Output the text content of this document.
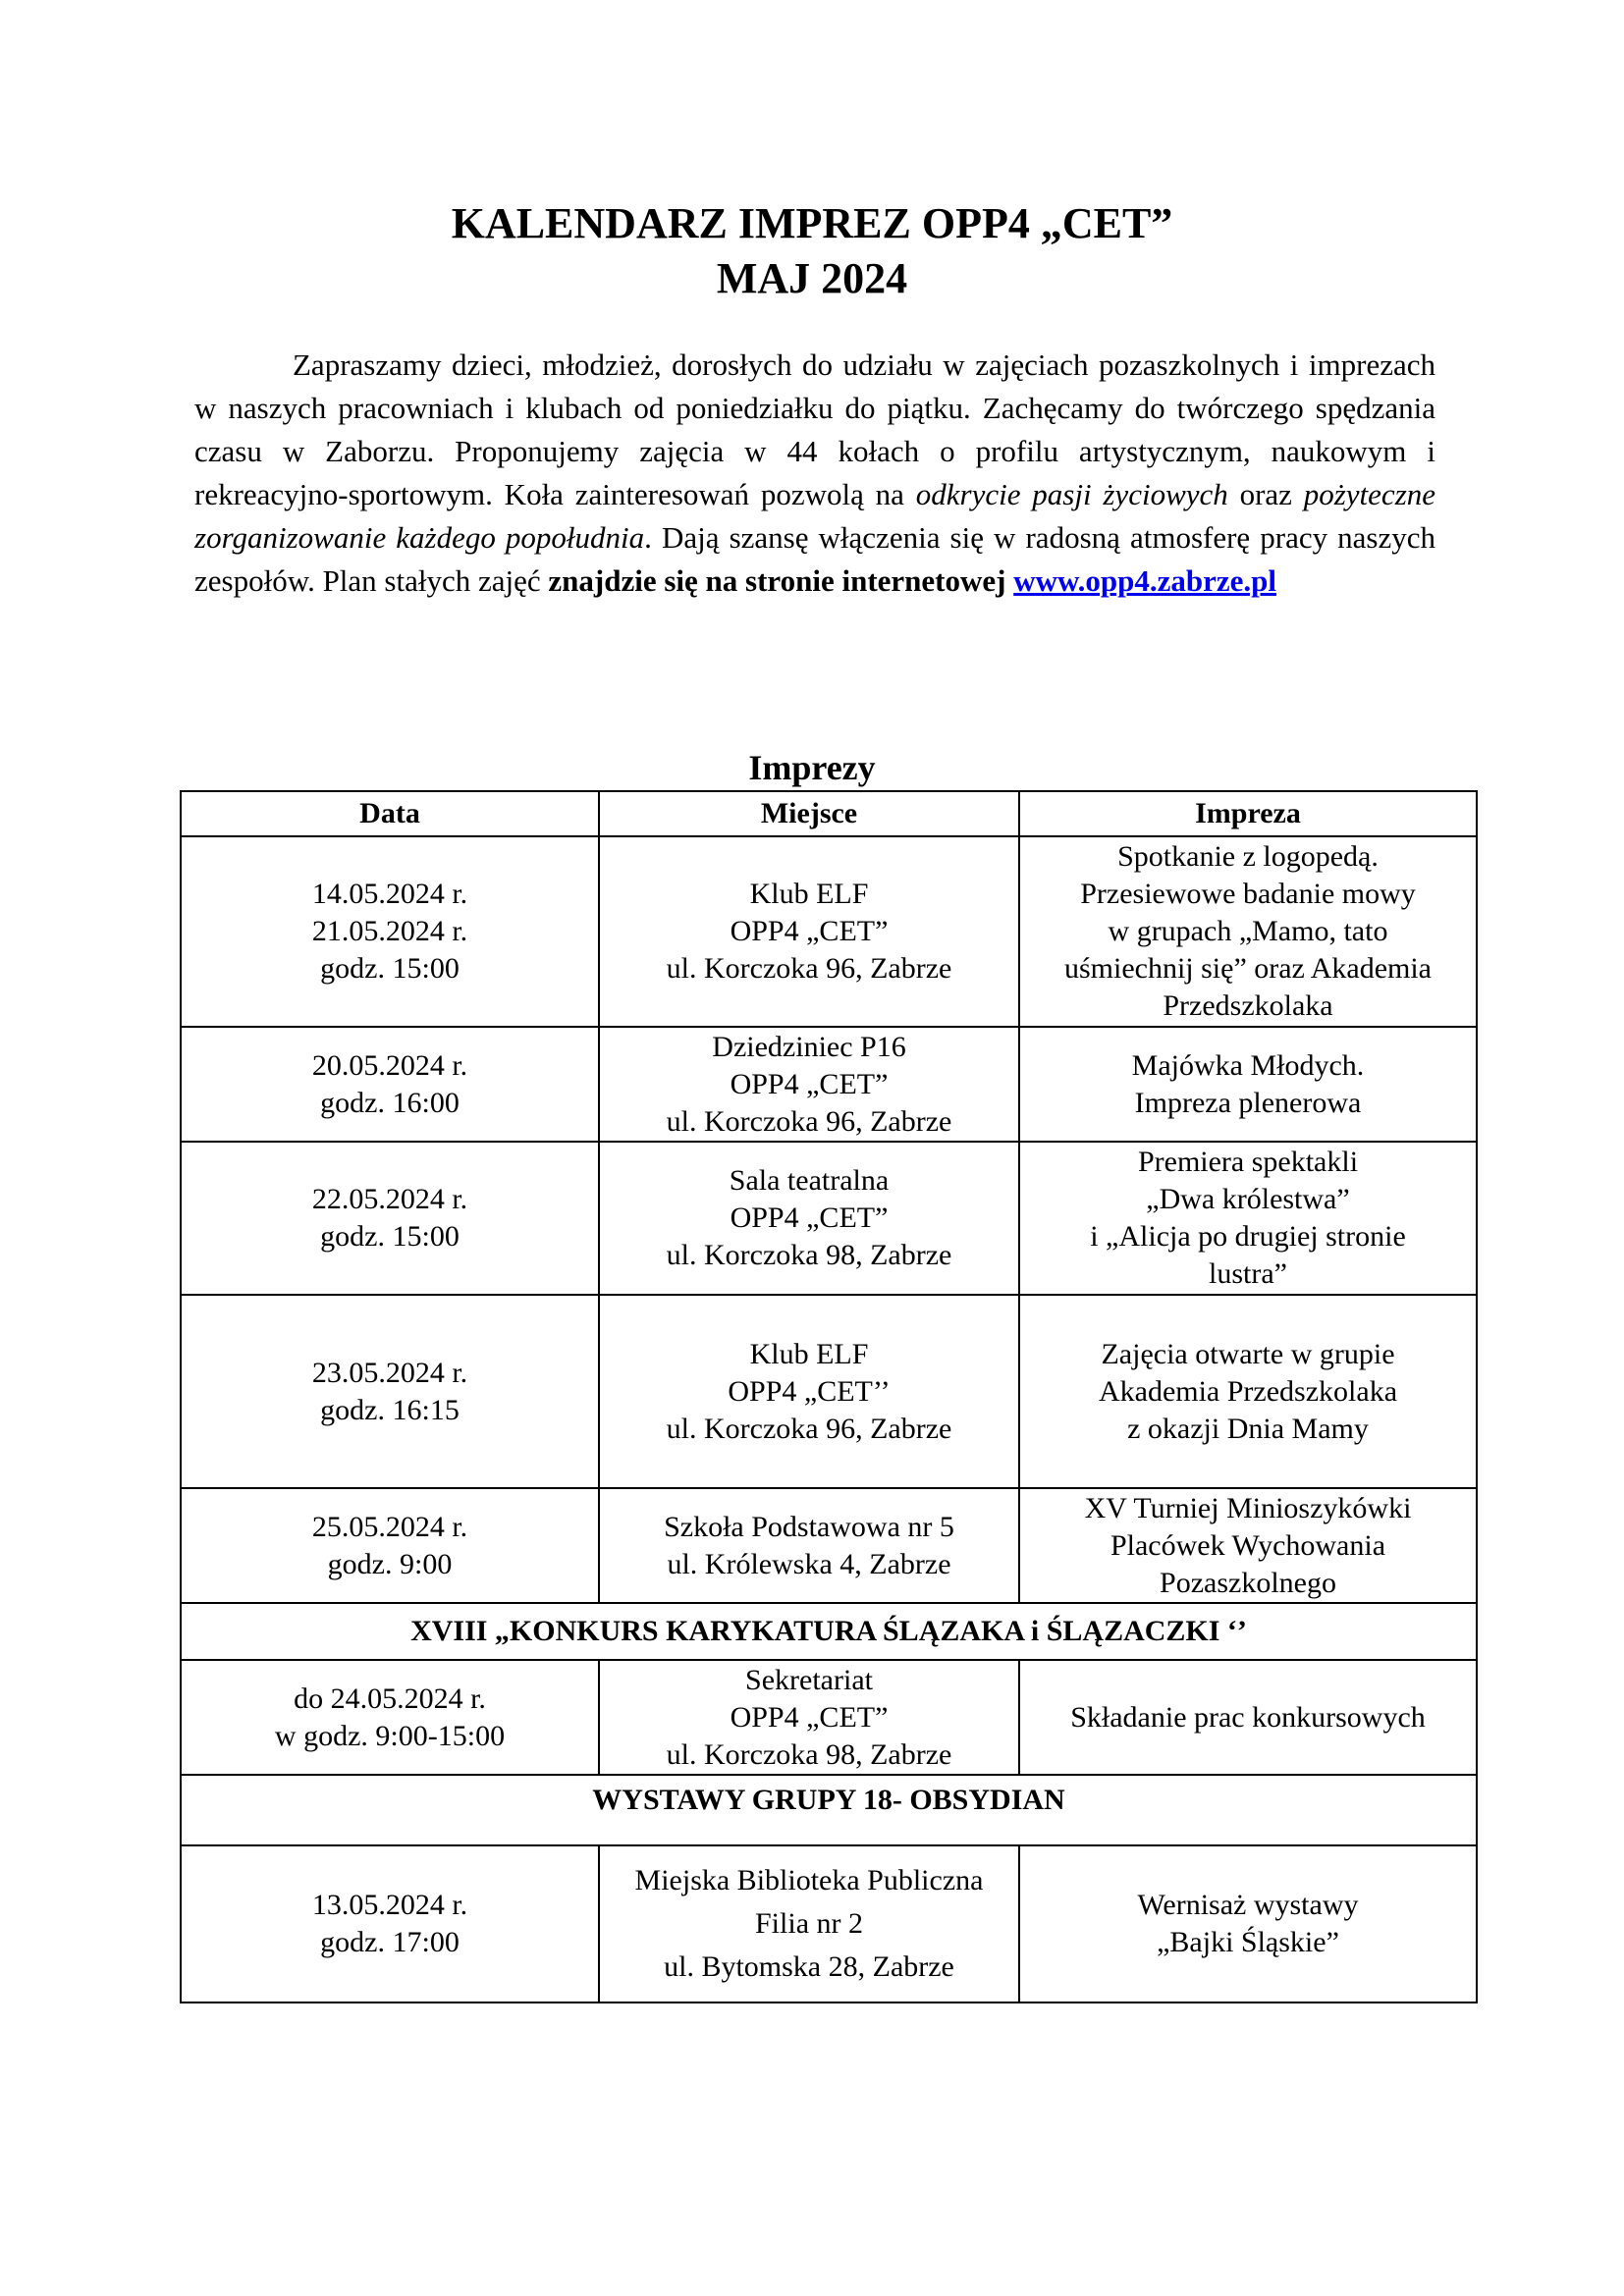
KALENDARZ IMPREZ OPP4 „CET”
MAJ 2024
Zapraszamy dzieci, młodzież, dorosłych do udziału w zajęciach pozaszkolnych i imprezach w naszych pracowniach i klubach od poniedziałku do piątku. Zachęcamy do twórczego spędzania czasu w Zaborzu. Proponujemy zajęcia w 44 kołach o profilu artystycznym, naukowym i rekreacyjno-sportowym. Koła zainteresowań pozwolą na odkrycie pasji życiowych oraz pożyteczne zorganizowanie każdego popołudnia. Dają szansę włączenia się w radosną atmosferę pracy naszych zespołów. Plan stałych zajęć znajdzie się na stronie internetowej www.opp4.zabrze.pl
Imprezy
Data	Miejsce	Impreza

14.05.2024 r.
21.05.2024 r.
godz. 15:00	Klub ELF
OPP4 „CET”
ul. Korczoka 96, Zabrze	Spotkanie z logopedą.
Przesiewowe badanie mowy
w grupach „Mamo, tato
uśmiechnij się” oraz Akademia
Przedszkolaka

20.05.2024 r.
godz. 16:00	Dziedziniec P16
OPP4 „CET”
ul. Korczoka 96, Zabrze	Majówka Młodych.
Impreza plenerowa

22.05.2024 r.
godz. 15:00	Sala teatralna
OPP4 „CET”
ul. Korczoka 98, Zabrze	Premiera spektakli
„Dwa królestwa”
i „Alicja po drugiej stronie
lustra”

23.05.2024 r.
godz. 16:15	Klub ELF
OPP4 „CET’’
ul. Korczoka 96, Zabrze	Zajęcia otwarte w grupie
Akademia Przedszkolaka
z okazji Dnia Mamy

25.05.2024 r.
godz. 9:00	Szkoła Podstawowa nr 5
ul. Królewska 4, Zabrze	XV Turniej Minioszykówki
Placówek Wychowania
Pozaszkolnego

XVIII „KONKURS KARYKATURA ŚLĄZAKA i ŚLĄZACZKI ‘’		

do 24.05.2024 r.
w godz. 9:00-15:00	Sekretariat
OPP4 „CET”
ul. Korczoka 98, Zabrze	Składanie prac konkursowych

WYSTAWY GRUPY 18- OBSYDIAN		

13.05.2024 r.
godz. 17:00	Miejska Biblioteka Publiczna
Filia nr 2
ul. Bytomska 28, Zabrze	Wernisaż wystawy
„Bajki Śląskie”
